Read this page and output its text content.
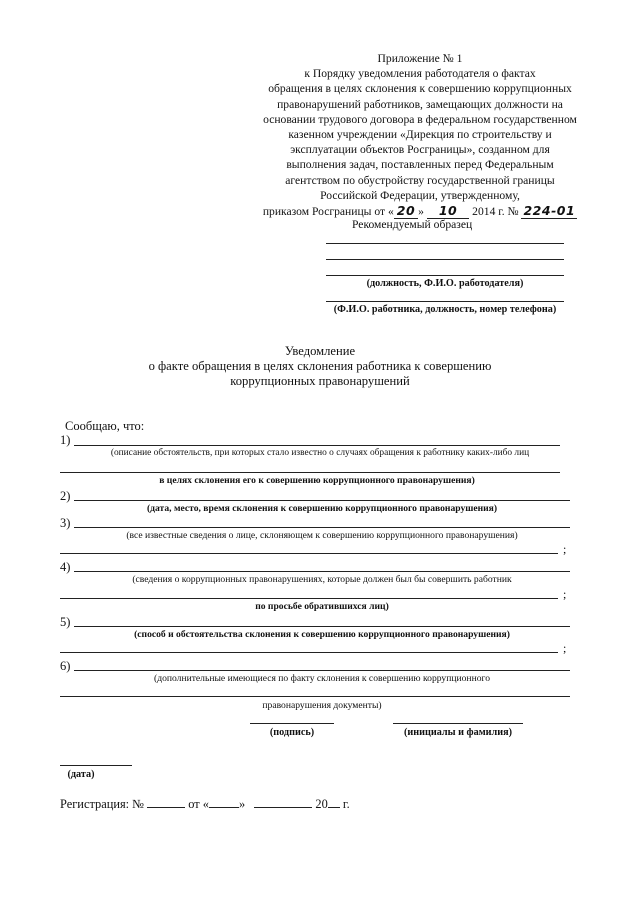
Приложение № 1
к Порядку уведомления работодателя о фактах
обращения в целях склонения к совершению коррупционных
правонарушений работников, замещающих должности на
основании трудового договора в федеральном государственном
казенном учреждении «Дирекция по строительству и
эксплуатации объектов Росграницы», созданном для
выполнения задач, поставленных перед Федеральным
агентством по обустройству государственной границы
Российской Федерации, утвержденному,
приказом Росграницы от « 20 » 10 2014 г. № 224-01
Рекомендуемый образец
(должность, Ф.И.О. работодателя)
(Ф.И.О. работника, должность, номер телефона)
Уведомление
о факте обращения в целях склонения работника к совершению
коррупционных правонарушений
Сообщаю, что:
1)
(описание обстоятельств, при которых стало известно о случаях обращения к работнику каких-либо лиц
в целях склонения его к совершению коррупционного правонарушения)
2)
(дата, место, время склонения к совершению коррупционного правонарушения)
3)
(все известные сведения о лице, склоняющем к совершению коррупционного правонарушения)
;
4)
(сведения о коррупционных правонарушениях, которые должен был бы совершить работник
;
по просьбе обратившихся лиц)
5)
(способ и обстоятельства склонения к совершению коррупционного правонарушения)
;
6)
(дополнительные имеющиеся по факту склонения к совершению коррупционного
правонарушения документы)
(подпись)	(инициалы и фамилия)
(дата)
Регистрация: №	от « »	20 г.
